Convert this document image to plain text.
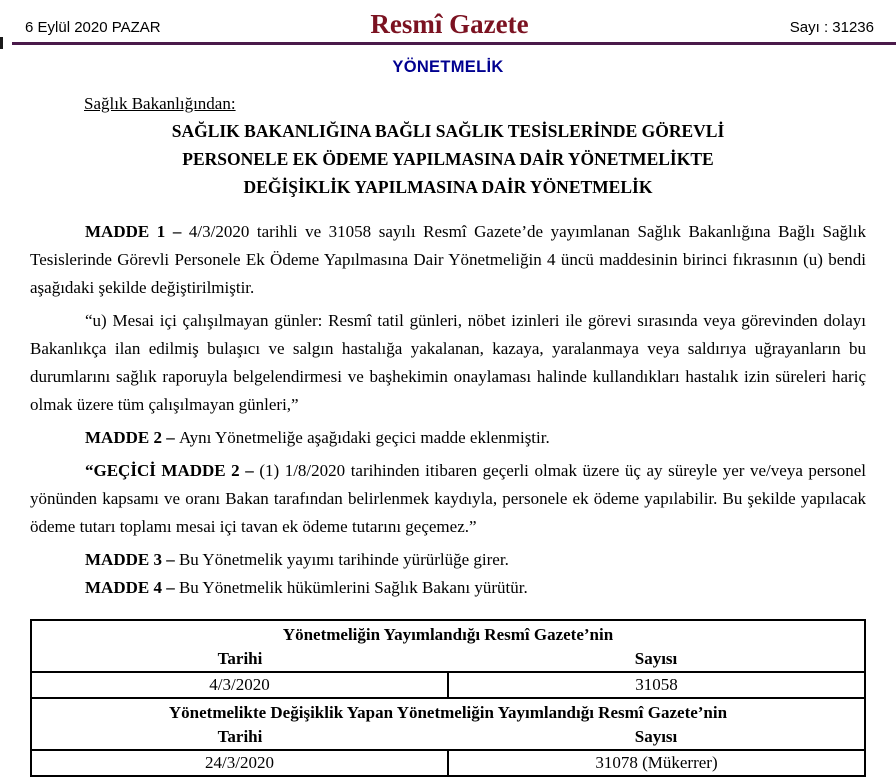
6 Eylül 2020 PAZAR	Resmî Gazete	Sayı : 31236
YÖNETMELİK
Sağlık Bakanlığından:
SAĞLIK BAKANLIĞINA BAĞLI SAĞLIK TESİSLERİNDE GÖREVLİ
PERSONELE EK ÖDEME YAPILMASINA DAİR YÖNETMELİKTE
DEĞİŞİKLİK YAPILMASINA DAİR YÖNETMELİK

MADDE 1 – 4/3/2020 tarihli ve 31058 sayılı Resmî Gazete’de yayımlanan Sağlık Bakanlığına Bağlı Sağlık Tesislerinde Görevli Personele Ek Ödeme Yapılmasına Dair Yönetmeliğin 4 üncü maddesinin birinci fıkrasının (u) bendi aşağıdaki şekilde değiştirilmiştir.

“u) Mesai içi çalışılmayan günler: Resmî tatil günleri, nöbet izinleri ile görevi sırasında veya görevinden dolayı Bakanlıkça ilan edilmiş bulaşıcı ve salgın hastalığa yakalanan, kazaya, yaralanmaya veya saldırıya uğrayanların bu durumlarını sağlık raporuyla belgelendirmesi ve başhekimin onaylaması halinde kullandıkları hastalık izin süreleri hariç olmak üzere tüm çalışılmayan günleri,”

MADDE 2 – Aynı Yönetmeliğe aşağıdaki geçici madde eklenmiştir.

“GEÇİCİ MADDE 2 – (1) 1/8/2020 tarihinden itibaren geçerli olmak üzere üç ay süreyle yer ve/veya personel yönünden kapsamı ve oranı Bakan tarafından belirlenmek kaydıyla, personele ek ödeme yapılabilir. Bu şekilde yapılacak ödeme tutarı toplamı mesai içi tavan ek ödeme tutarını geçemez.”

MADDE 3 – Bu Yönetmelik yayımı tarihinde yürürlüğe girer.

MADDE 4 – Bu Yönetmelik hükümlerini Sağlık Bakanı yürütür.

Yönetmeliğin Yayımlandığı Resmî Gazete’nin	
Tarihi	Sayısı
4/3/2020	31058
Yönetmelikte Değişiklik Yapan Yönetmeliğin Yayımlandığı Resmî Gazete’nin	
Tarihi	Sayısı
24/3/2020	31078 (Mükerrer)
